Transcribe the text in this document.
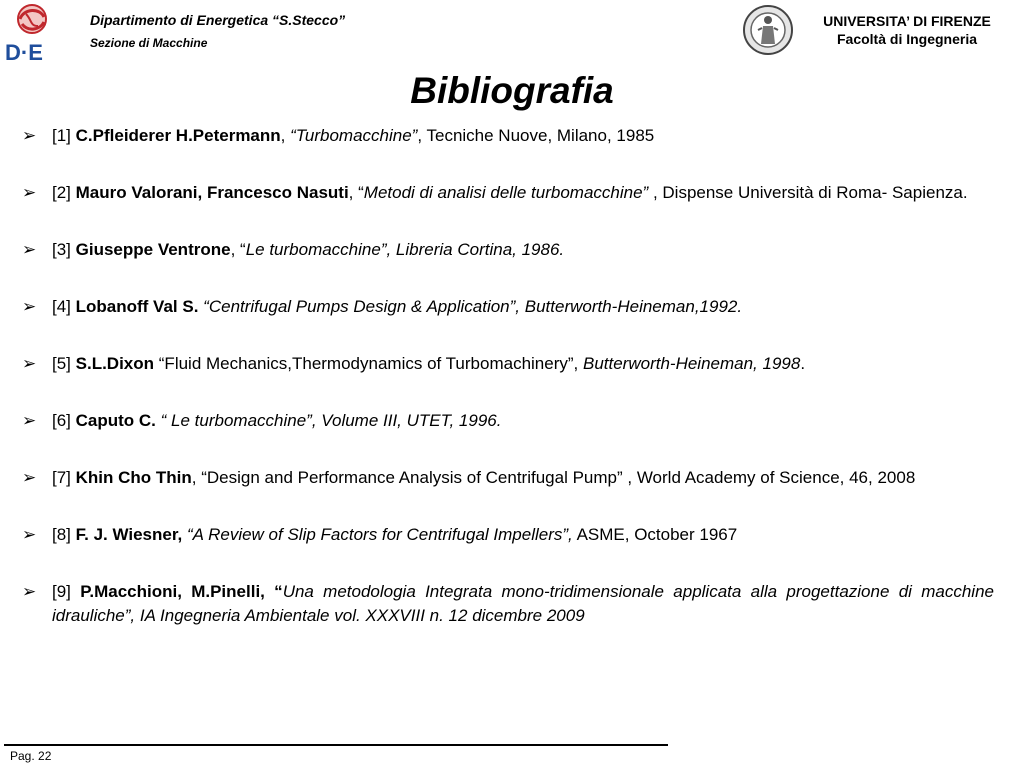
D·E
Dipartimento di Energetica “S.Stecco”
Sezione di Macchine
UNIVERSITA’ DI FIRENZE
Facoltà di Ingegneria
Bibliografia
➢ [1] C.Pfleiderer H.Petermann, “Turbomacchine”, Tecniche Nuove, Milano, 1985
➢ [2] Mauro Valorani, Francesco Nasuti, “Metodi di analisi delle turbomacchine” , Dispense Università di Roma- Sapienza.
➢ [3] Giuseppe Ventrone, “Le turbomacchine”, Libreria Cortina, 1986.
➢ [4] Lobanoff Val S. “Centrifugal Pumps Design & Application”, Butterworth-Heineman,1992.
➢ [5] S.L.Dixon “Fluid Mechanics,Thermodynamics of Turbomachinery”, Butterworth-Heineman, 1998.
➢ [6] Caputo C. “ Le turbomacchine”, Volume III, UTET, 1996.
➢ [7] Khin Cho Thin, “Design and Performance Analysis of Centrifugal Pump” , World Academy of Science, 46, 2008
➢ [8] F. J. Wiesner, “A Review of Slip Factors for Centrifugal Impellers”, ASME, October 1967
➢ [9] P.Macchioni, M.Pinelli, “Una metodologia Integrata mono-tridimensionale applicata alla progettazione di macchine idrauliche”, IA Ingegneria Ambientale vol. XXXVIII n. 12 dicembre 2009
Pag. 22
